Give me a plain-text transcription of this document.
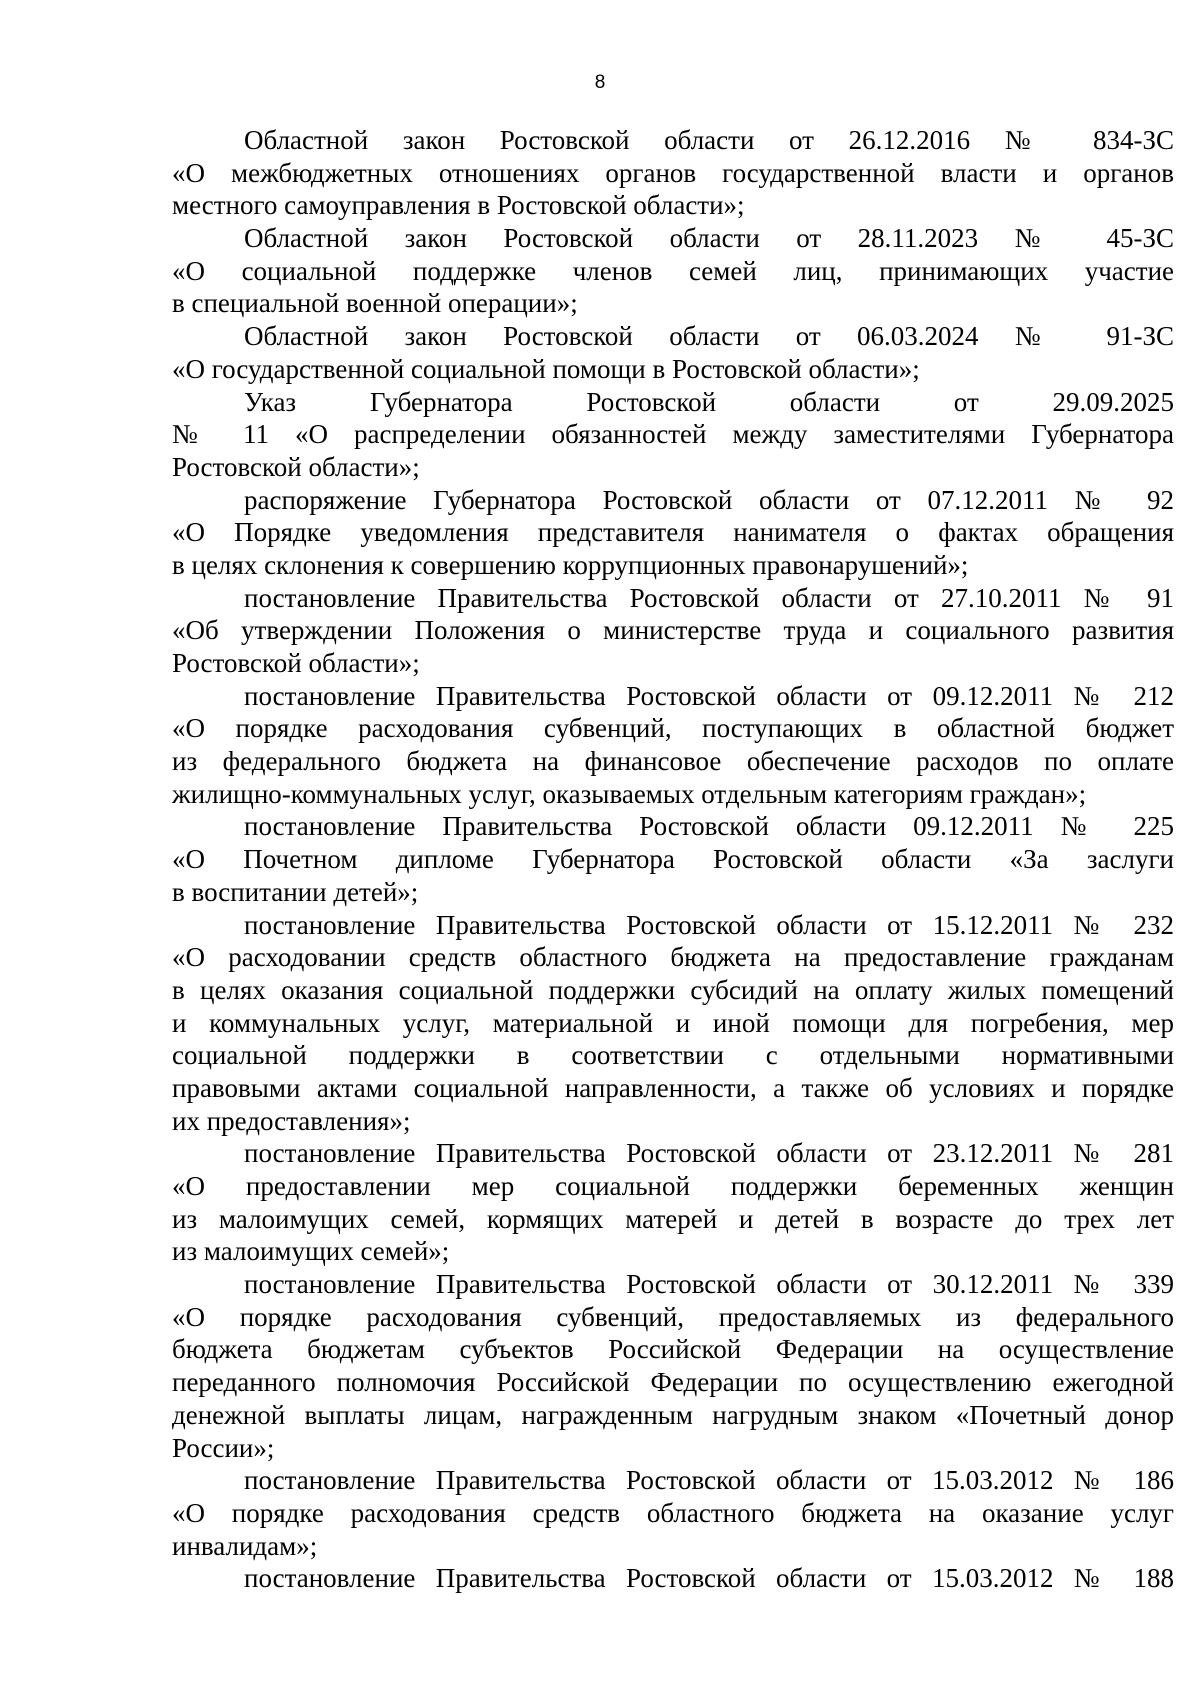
8
Областной закон Ростовской области от 26.12.2016 № 834-ЗС
«О межбюджетных отношениях органов государственной власти и органов
местного самоуправления в Ростовской области»;
Областной закон Ростовской области от 28.11.2023 № 45-ЗС
«О социальной поддержке членов семей лиц, принимающих участие
в специальной военной операции»;
Областной закон Ростовской области от 06.03.2024 № 91-ЗС
«О государственной социальной помощи в Ростовской области»;
Указ Губернатора Ростовской области от 29.09.2025
№ 11 «О распределении обязанностей между заместителями Губернатора
Ростовской области»;
распоряжение Губернатора Ростовской области от 07.12.2011 № 92
«О Порядке уведомления представителя нанимателя о фактах обращения
в целях склонения к совершению коррупционных правонарушений»;
постановление Правительства Ростовской области от 27.10.2011 № 91
«Об утверждении Положения о министерстве труда и социального развития
Ростовской области»;
постановление Правительства Ростовской области от 09.12.2011 № 212
«О порядке расходования субвенций, поступающих в областной бюджет
из федерального бюджета на финансовое обеспечение расходов по оплате
жилищно-коммунальных услуг, оказываемых отдельным категориям граждан»;
постановление Правительства Ростовской области 09.12.2011 № 225
«О Почетном дипломе Губернатора Ростовской области «За заслуги
в воспитании детей»;
постановление Правительства Ростовской области от 15.12.2011 № 232
«О расходовании средств областного бюджета на предоставление гражданам
в целях оказания социальной поддержки субсидий на оплату жилых помещений
и коммунальных услуг, материальной и иной помощи для погребения, мер
социальной поддержки в соответствии с отдельными нормативными
правовыми актами социальной направленности, а также об условиях и порядке
их предоставления»;
постановление Правительства Ростовской области от 23.12.2011 № 281
«О предоставлении мер социальной поддержки беременных женщин
из малоимущих семей, кормящих матерей и детей в возрасте до трех лет
из малоимущих семей»;
постановление Правительства Ростовской области от 30.12.2011 № 339
«О порядке расходования субвенций, предоставляемых из федерального
бюджета бюджетам субъектов Российской Федерации на осуществление
переданного полномочия Российской Федерации по осуществлению ежегодной
денежной выплаты лицам, награжденным нагрудным знаком «Почетный донор
России»;
постановление Правительства Ростовской области от 15.03.2012 № 186
«О порядке расходования средств областного бюджета на оказание услуг
инвалидам»;
постановление Правительства Ростовской области от 15.03.2012 № 188
